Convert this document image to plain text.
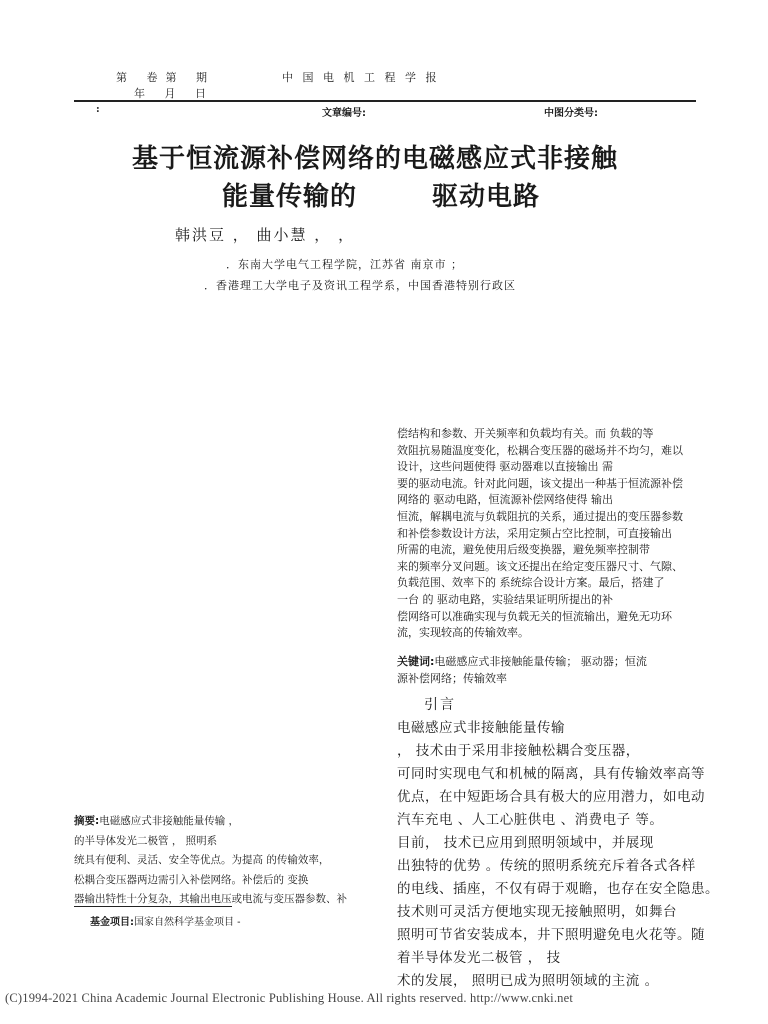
第 卷第 期
年 月 日
中国电机工程学报
:	文章编号:	中图分类号:
基于恒流源补偿网络的电磁感应式非接触
能量传输的	驱动电路
韩洪豆 ， 曲小慧 ， ，
．东南大学电气工程学院，江苏省 南京市 ；
．香港理工大学电子及资讯工程学系，中国香港特别行政区
偿结构和参数、开关频率和负载均有关。而 负载的等
效阻抗易随温度变化，松耦合变压器的磁场并不均匀，难以
设计，这些问题使得 驱动器难以直接输出 需
要的驱动电流。针对此问题，该文提出一种基于恒流源补偿
网络的 驱动电路，恒流源补偿网络使得 输出
恒流，解耦电流与负载阻抗的关系，通过提出的变压器参数
和补偿参数设计方法，采用定频占空比控制，可直接输出
所需的电流，避免使用后级变换器，避免频率控制带
来的频率分叉问题。该文还提出在给定变压器尺寸、气隙、
负载范围、效率下的 系统综合设计方案。最后，搭建了
一台 的 驱动电路，实验结果证明所提出的补
偿网络可以准确实现与负载无关的恒流输出，避免无功环
流，实现较高的传输效率。
关键词:电磁感应式非接触能量传输； 驱动器；恒流
源补偿网络；传输效率
引言
电磁感应式非接触能量传输
， 技术由于采用非接触松耦合变压器，
可同时实现电气和机械的隔离，具有传输效率高等
优点，在中短距场合具有极大的应用潜力，如电动
汽车充电 、人工心脏供电 、消费电子 等。
目前， 技术已应用到照明领域中，并展现
出独特的优势 。传统的照明系统充斥着各式各样
的电线、插座，不仅有碍于观瞻，也存在安全隐患。
技术则可灵活方便地实现无接触照明，如舞台
照明可节省安装成本，井下照明避免电火花等。随
着半导体发光二极管 ， 技
术的发展， 照明已成为照明领域的主流 。
摘要:电磁感应式非接触能量传输 ，
的半导体发光二极管 ， 照明系
统具有便利、灵活、安全等优点。为提高 的传输效率，
松耦合变压器两边需引入补偿网络。补偿后的 变换
器输出特性十分复杂，其输出电压或电流与变压器参数、补
基金项目:国家自然科学基金项目 -
(C)1994-2021 China Academic Journal Electronic Publishing House. All rights reserved. http://www.cnki.net
